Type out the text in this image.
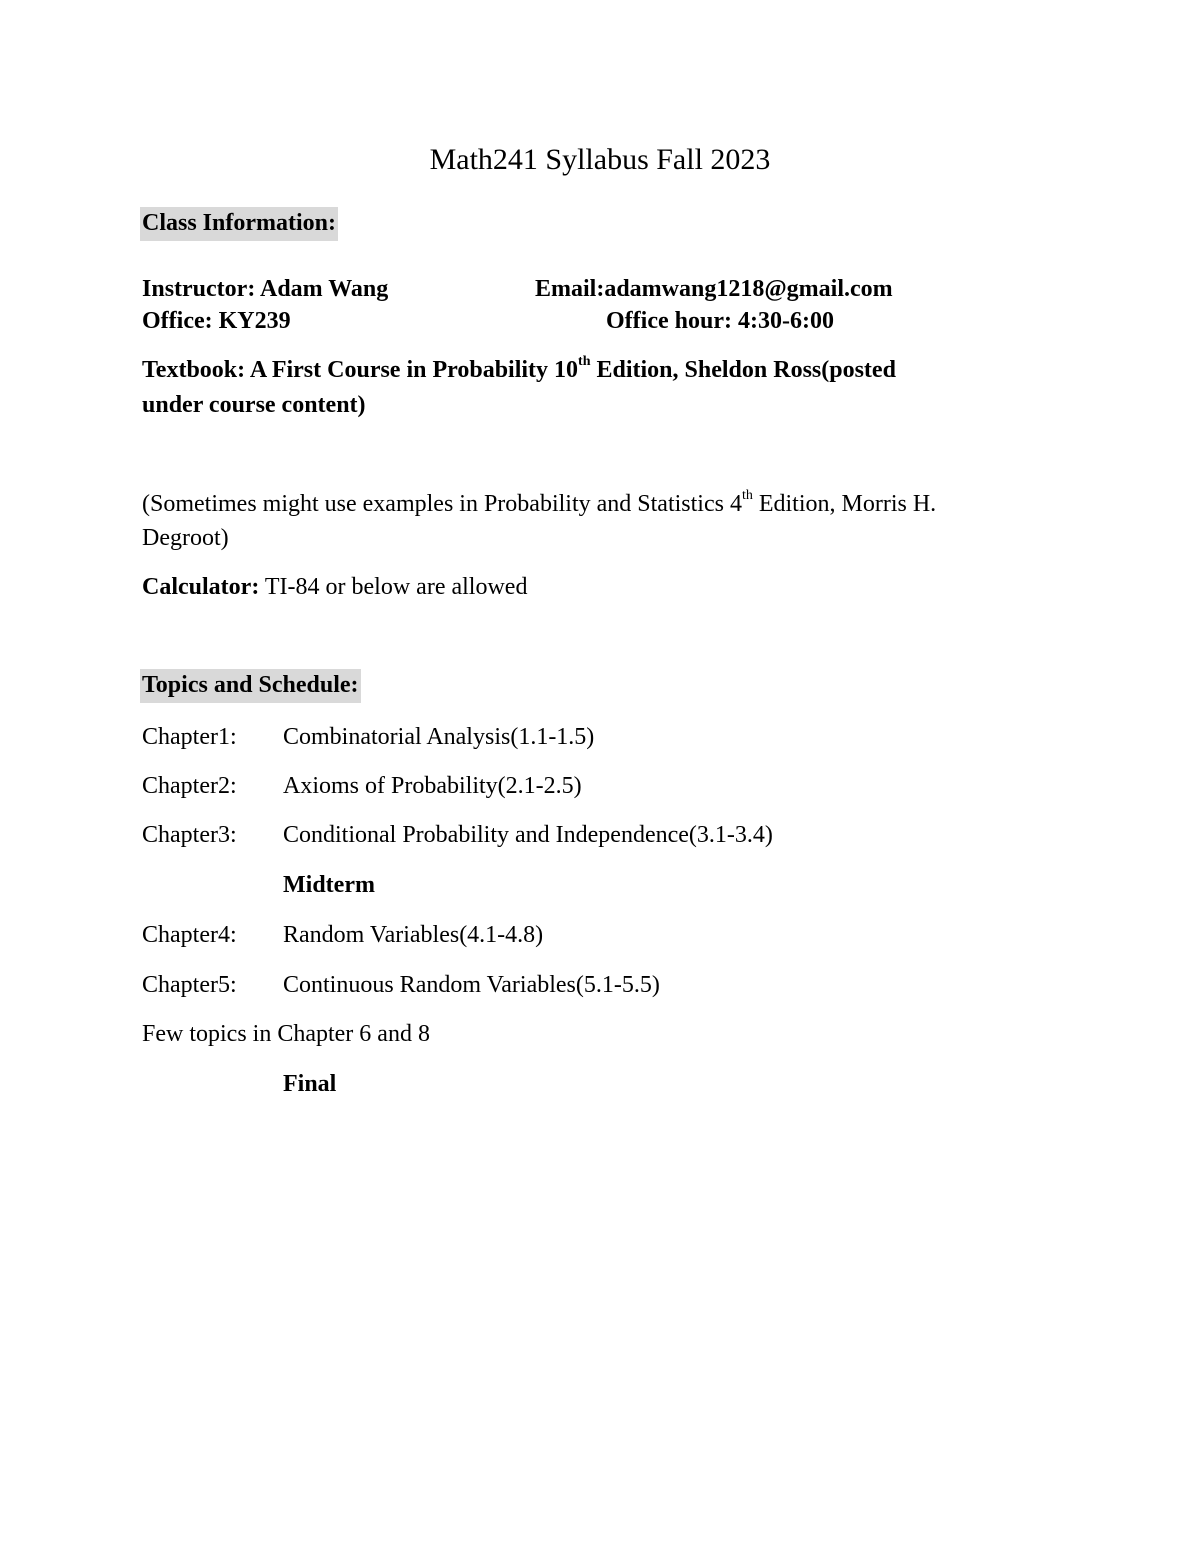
Math241 Syllabus Fall 2023
Class Information:
Instructor: Adam Wang	Email:adamwang1218@gmail.com
Office: KY239	Office hour: 4:30-6:00
Textbook: A First Course in Probability 10th Edition, Sheldon Ross(posted
under course content)
(Sometimes might use examples in Probability and Statistics 4th Edition, Morris H.
Degroot)
Calculator: TI-84 or below are allowed
Topics and Schedule:
Chapter1: Combinatorial Analysis(1.1-1.5)
Chapter2: Axioms of Probability(2.1-2.5)
Chapter3: Conditional Probability and Independence(3.1-3.4)
Midterm
Chapter4: Random Variables(4.1-4.8)
Chapter5: Continuous Random Variables(5.1-5.5)
Few topics in Chapter 6 and 8
Final
